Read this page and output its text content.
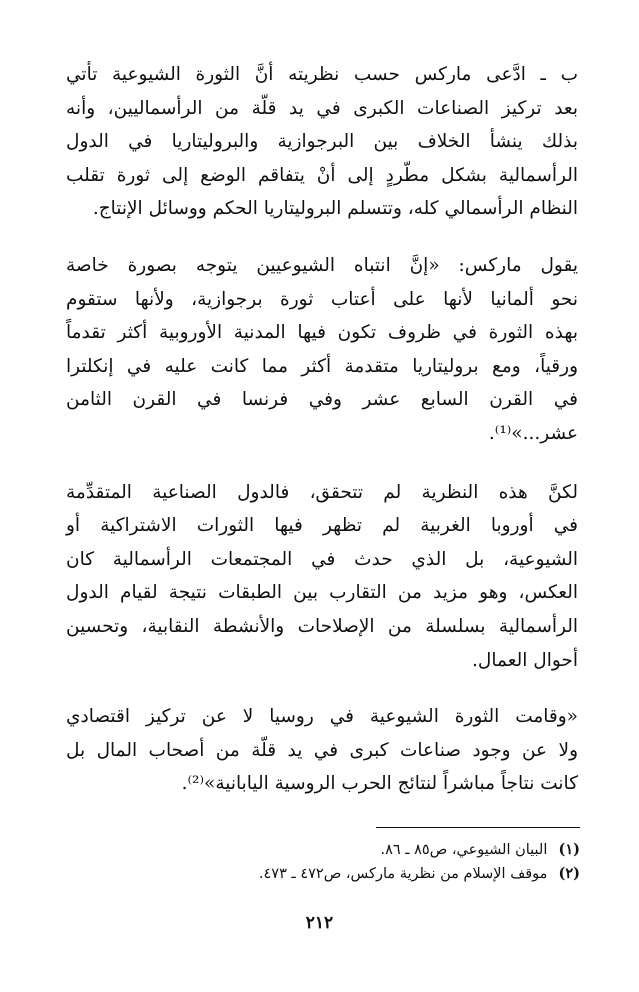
ب ـ ادَّعى ماركس حسب نظريته أنَّ الثورة الشيوعية تأتي
بعد تركيز الصناعات الكبرى في يد قلّة من الرأسماليين، وأنه
بذلك ينشأ الخلاف بين البرجوازية والبروليتاريا في الدول
الرأسمالية بشكل مطّردٍ إلى أنْ يتفاقم الوضع إلى ثورة تقلب
النظام الرأسمالي كله، وتتسلم البروليتاريا الحكم ووسائل الإنتاج.

يقول ماركس: «إنَّ انتباه الشيوعيين يتوجه بصورة خاصة
نحو ألمانيا لأنها على أعتاب ثورة برجوازية، ولأنها ستقوم
بهذه الثورة في ظروف تكون فيها المدنية الأوروبية أكثر تقدماً
ورقياً، ومع بروليتاريا متقدمة أكثر مما كانت عليه في إنكلترا
في القرن السابع عشر وفي فرنسا في القرن الثامن
عشر...»⁽¹⁾.

لكنَّ هذه النظرية لم تتحقق، فالدول الصناعية المتقدِّمة
في أوروبا الغربية لم تظهر فيها الثورات الاشتراكية أو
الشيوعية، بل الذي حدث في المجتمعات الرأسمالية كان
العكس، وهو مزيد من التقارب بين الطبقات نتيجة لقيام الدول
الرأسمالية بسلسلة من الإصلاحات والأنشطة النقابية، وتحسين
أحوال العمال.

«وقامت الثورة الشيوعية في روسيا لا عن تركيز اقتصادي
ولا عن وجود صناعات كبرى في يد قلّة من أصحاب المال بل
كانت نتاجاً مباشراً لنتائج الحرب الروسية اليابانية»⁽²⁾.

(١) البيان الشيوعي، ص٨٥ ـ ٨٦.
(٢) موقف الإسلام من نظرية ماركس، ص٤٧٢ ـ ٤٧٣.
٢١٢
